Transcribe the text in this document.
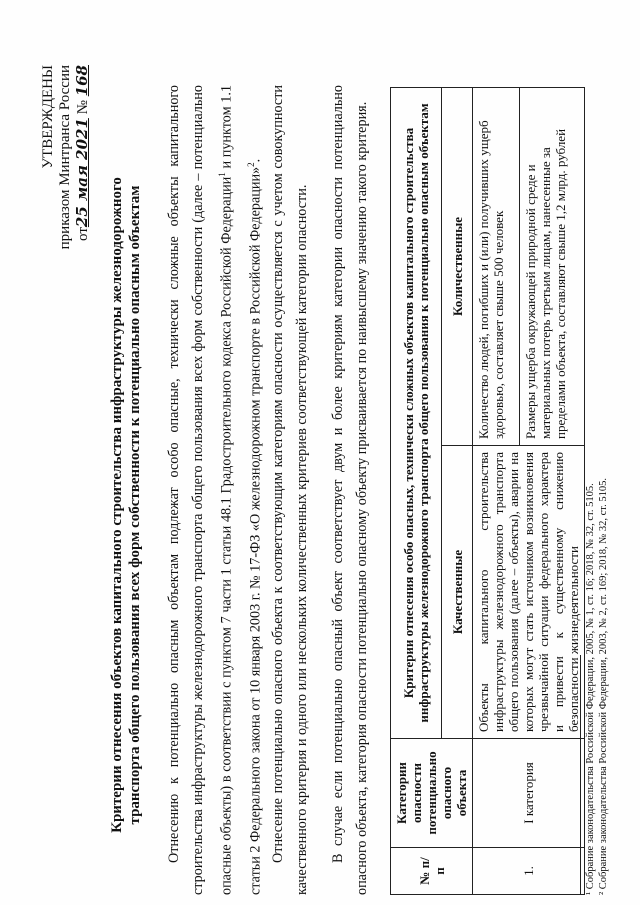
УТВЕРЖДЕНЫ приказом Минтранса России от25 мая 2021 № 168
Критерии отнесения объектов капитального строительства инфраструктуры железнодорожного транспорта общего пользования всех форм собственности к потенциально опасным объектам Отнесению к потенциально опасным объектам подлежат особо опасные, технически сложные объекты капитального строительства инфраструктуры железнодорожного транспорта общего пользования всех форм собственности (далее – потенциально опасные объекты) в соответствии с пунктом 7 части 1 статьи 48.1 Градостроительного кодекса Российской Федерации$^1$ и пунктом 1.1 статьи 2 Федерального закона от 10 января 2003 г. № 17-ФЗ «О железнодорожном транспорте в Российской Федерации»$^2$. Отнесение потенциально опасного объекта к соответствующим категориям опасности осуществляется с учетом совокупности качественного критерия и одного или нескольких количественных критериев соответствующей категории опасности. В случае если потенциально опасный объект соответствует двум и более критериям категории опасности потенциально опасного объекта, категория опасности потенциально опасному объекту присваивается по наивысшему значению такого критерия.	№ п/п	Категории опасности потенциально опасного объекта	Критерии отнесения особо опасных, технически сложных объектов капитального строительства инфраструктуры железнодорожного транспорта общего пользования к потенциально опасным объектам	
		Качественные	Количественные
1.	I категория	Объекты капитального строительства инфраструктуры железнодорожного транспорта общего пользования (далее – объекты), аварии на которых могут стать источником возникновения чрезвычайной ситуации федерального характера и привести к существенному снижению безопасности жизнедеятельности	Количество людей, погибших и (или) получивших ущерб здоровью, составляет свыше 500 человек
			Размеры ущерба окружающей природной среде и материальных потерь третьим лицам, нанесенные за пределами объекта, составляют свыше 1,2 млрд. рублей
¹ Собрание законодательства Российской Федерации, 2005, № 1, ст. 16; 2018, № 32, ст. 5105. ² Собрание законодательства Российской Федерации, 2003, № 2, ст. 169; 2018, № 32, ст. 5105.
